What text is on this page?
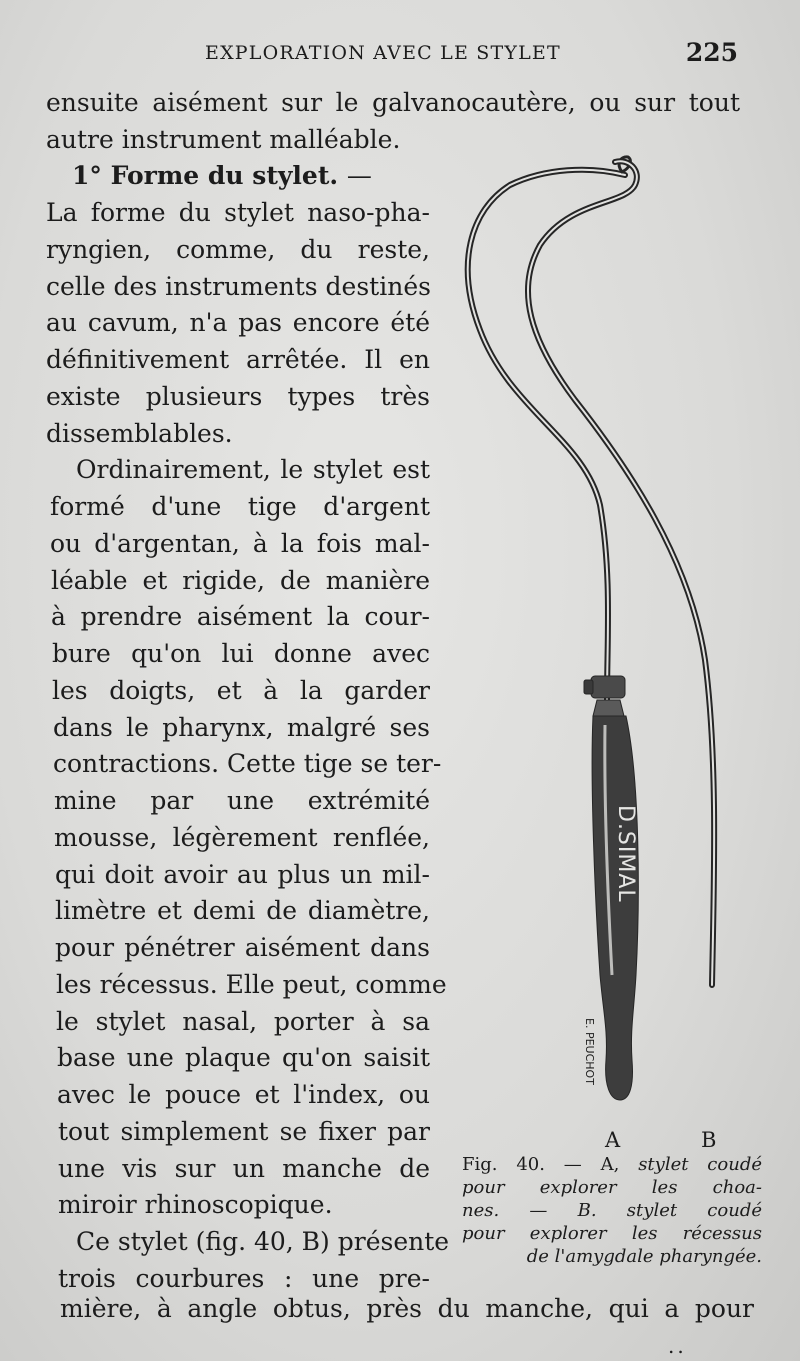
EXPLORATION AVEC LE STYLET	225
ensuite aisément sur le galvanocautère, ou sur tout
autre instrument malléable.
1° Forme du stylet. —
La forme du stylet naso-pha-
ryngien, comme, du reste,
celle des instruments destinés
au cavum, n'a pas encore été
définitivement arrêtée. Il en
existe plusieurs types très
dissemblables.
Ordinairement, le stylet est
formé d'une tige d'argent
ou d'argentan, à la fois mal-
léable et rigide, de manière
à prendre aisément la cour-
bure qu'on lui donne avec
les doigts, et à la garder
dans le pharynx, malgré ses
contractions. Cette tige se ter-
mine par une extrémité
mousse, légèrement renflée,
qui doit avoir au plus un mil-
limètre et demi de diamètre,
pour pénétrer aisément dans
les récessus. Elle peut, comme
le stylet nasal, porter à sa
base une plaque qu'on saisit
avec le pouce et l'index, ou
tout simplement se fixer par
une vis sur un manche de
miroir rhinoscopique.
Ce stylet (fig. 40, B) présente
trois courbures : une pre-
mière, à angle obtus, près du manche, qui a pour
D.SIMAL
E. PEUCHOT
A	B
Fig. 40. — A, stylet coudé
pour explorer les choa-
nes. — B. stylet coudé
pour explorer les récessus
de l'amygdale pharyngée.
..
